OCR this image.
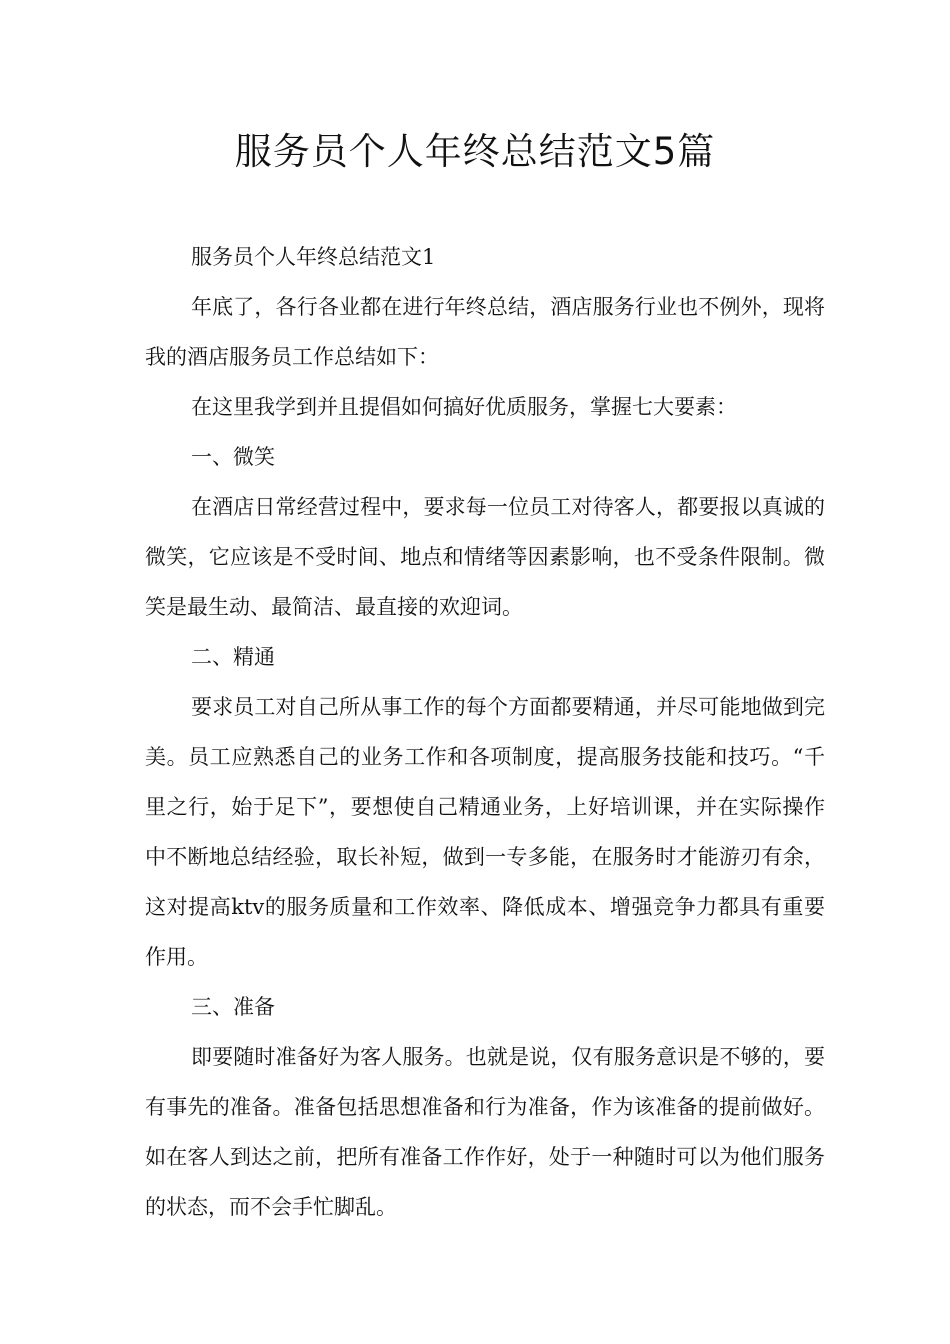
服务员个人年终总结范文5篇

服务员个人年终总结范文1

年底了，各行各业都在进行年终总结，酒店服务行业也不例外，现将我的酒店服务员工作总结如下：

在这里我学到并且提倡如何搞好优质服务，掌握七大要素：

一、微笑

在酒店日常经营过程中，要求每一位员工对待客人，都要报以真诚的微笑，它应该是不受时间、地点和情绪等因素影响，也不受条件限制。微笑是最生动、最简洁、最直接的欢迎词。

二、精通

要求员工对自己所从事工作的每个方面都要精通，并尽可能地做到完美。员工应熟悉自己的业务工作和各项制度，提高服务技能和技巧。“千里之行，始于足下”，要想使自己精通业务，上好培训课，并在实际操作中不断地总结经验，取长补短，做到一专多能，在服务时才能游刃有余，这对提高ktv的服务质量和工作效率、降低成本、增强竞争力都具有重要作用。

三、准备

即要随时准备好为客人服务。也就是说，仅有服务意识是不够的，要有事先的准备。准备包括思想准备和行为准备，作为该准备的提前做好。如在客人到达之前，把所有准备工作作好，处于一种随时可以为他们服务的状态，而不会手忙脚乱。
